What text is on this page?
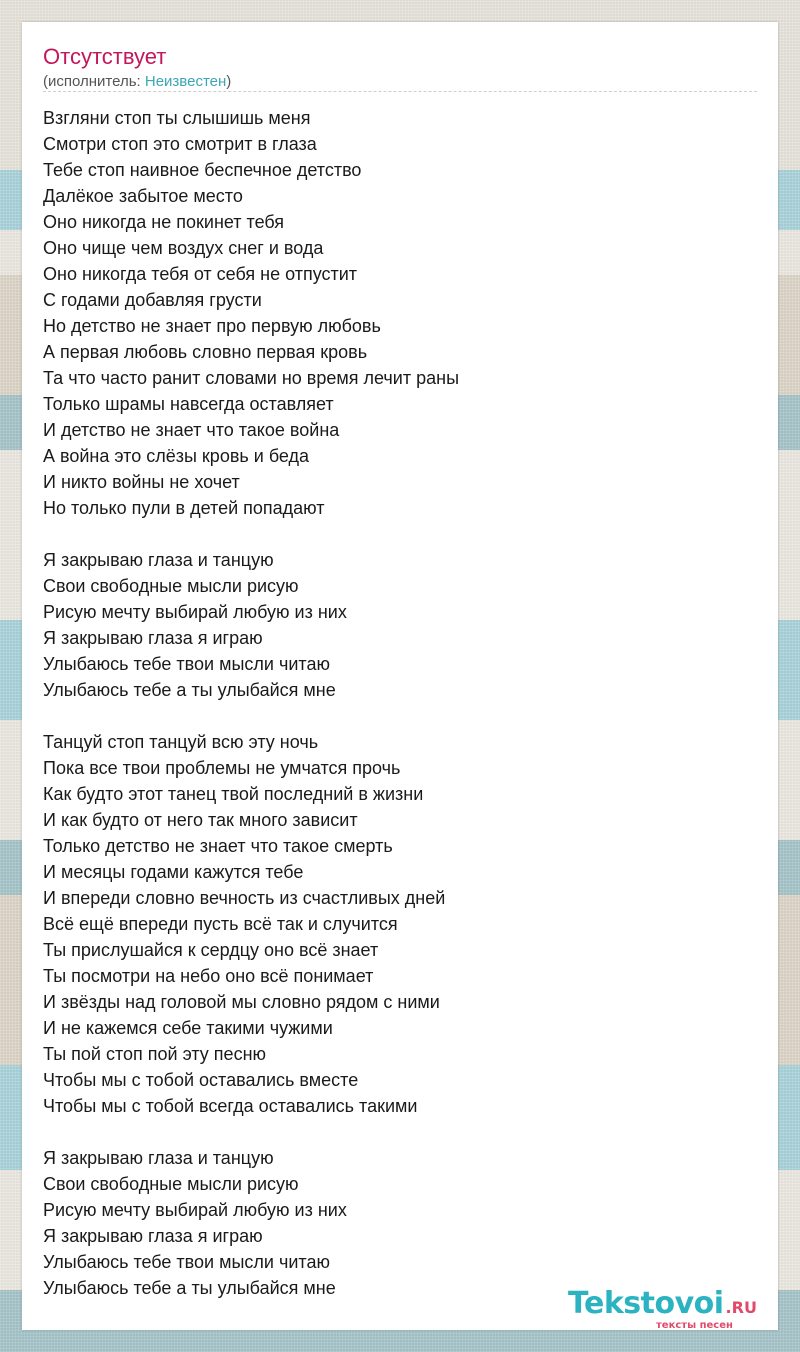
Отсутствует
(исполнитель: Неизвестен)
Взгляни стоп ты слышишь меня
Смотри стоп это смотрит в глаза
Тебе стоп наивное беспечное детство
Далёкое забытое место
Оно никогда не покинет тебя
Оно чище чем воздух снег и вода
Оно никогда тебя от себя не отпустит
С годами добавляя грусти
Но детство не знает про первую любовь
А первая любовь словно первая кровь
Та что часто ранит словами но время лечит раны
Только шрамы навсегда оставляет
И детство не знает что такое война
А война это слёзы кровь и беда
И никто войны не хочет
Но только пули в детей попадают
Я закрываю глаза и танцую
Свои свободные мысли рисую
Рисую мечту выбирай любую из них
Я закрываю глаза я играю
Улыбаюсь тебе твои мысли читаю
Улыбаюсь тебе а ты улыбайся мне
Танцуй стоп танцуй всю эту ночь
Пока все твои проблемы не умчатся прочь
Как будто этот танец твой последний в жизни
И как будто от него так много зависит
Только детство не знает что такое смерть
И месяцы годами кажутся тебе
И впереди словно вечность из счастливых дней
Всё ещё впереди пусть всё так и случится
Ты прислушайся к сердцу оно всё знает
Ты посмотри на небо оно всё понимает
И звёзды над головой мы словно рядом с ними
И не кажемся себе такими чужими
Ты пой стоп пой эту песню
Чтобы мы с тобой оставались вместе
Чтобы мы с тобой всегда оставались такими
Я закрываю глаза и танцую
Свои свободные мысли рисую
Рисую мечту выбирай любую из них
Я закрываю глаза я играю
Улыбаюсь тебе твои мысли читаю
Улыбаюсь тебе а ты улыбайся мне	Tekstovoi .RU
тексты песен
